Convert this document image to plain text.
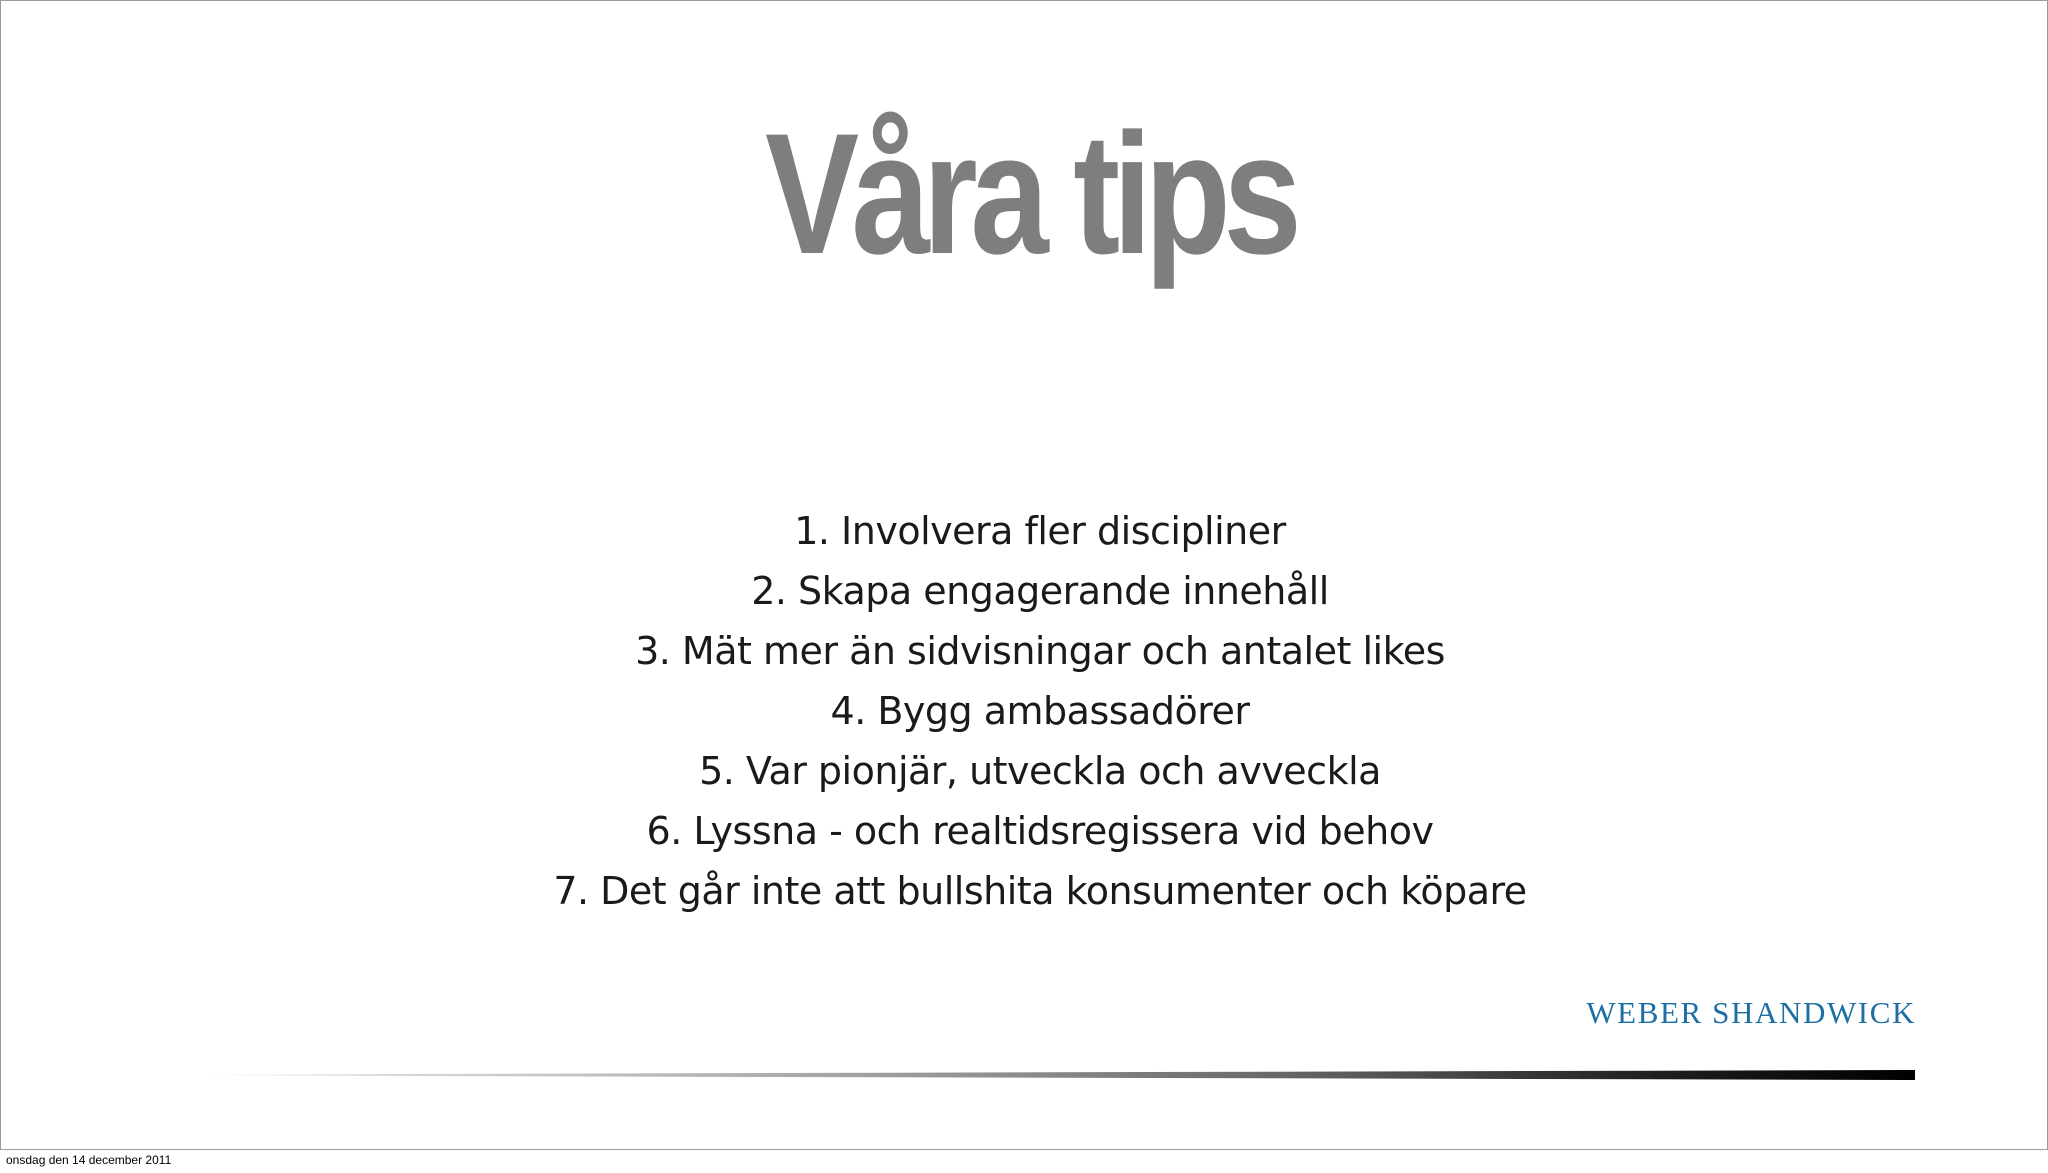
Våra tips
1. Involvera fler discipliner
2. Skapa engagerande innehåll
3. Mät mer än sidvisningar och antalet likes
4. Bygg ambassadörer
5. Var pionjär, utveckla och avveckla
6. Lyssna - och realtidsregissera vid behov
7. Det går inte att bullshita konsumenter och köpare
WEBER SHANDWICK
onsdag den 14 december 2011
